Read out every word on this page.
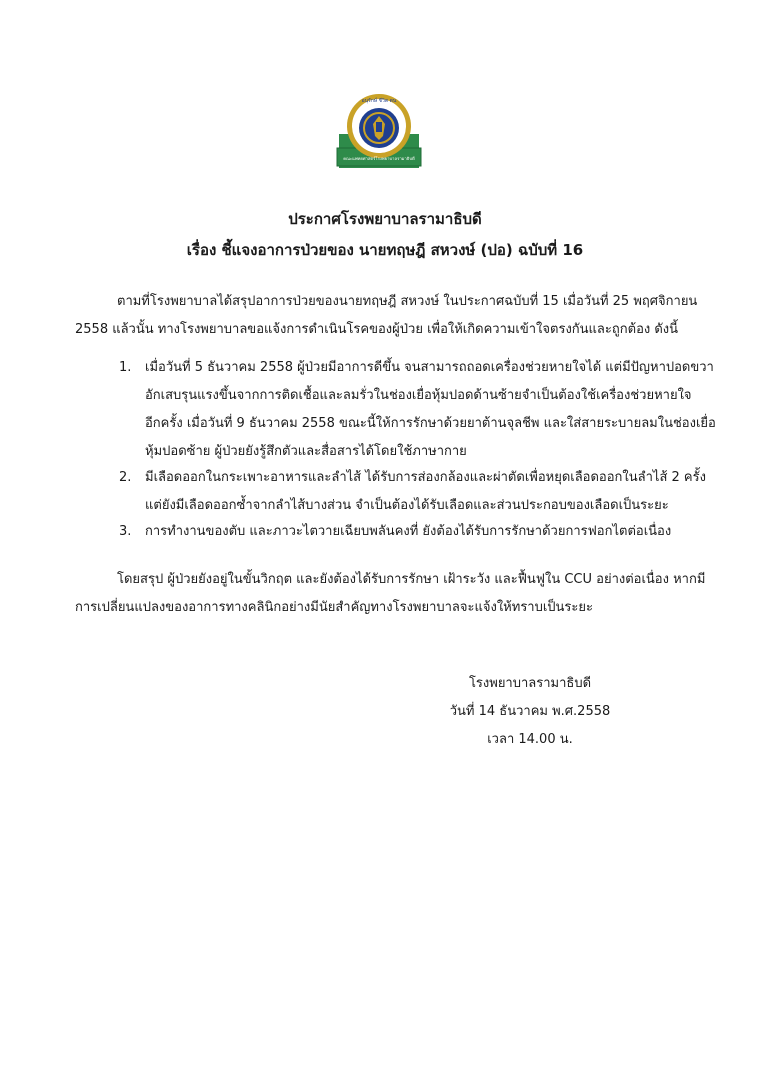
อนุรักษ์ ชีวิต ตน
คณะแพทยศาสตร์โรงพยาบาลรามาธิบดี
ประกาศโรงพยาบาลรามาธิบดี
เรื่อง ชี้แจงอาการป่วยของ นายทฤษฎี สหวงษ์ (ปอ) ฉบับที่ 16
ตามที่โรงพยาบาลได้สรุปอาการป่วยของนายทฤษฎี สหวงษ์ ในประกาศฉบับที่ 15 เมื่อวันที่ 25 พฤศจิกายน
2558 แล้วนั้น ทางโรงพยาบาลขอแจ้งการดำเนินโรคของผู้ป่วย เพื่อให้เกิดความเข้าใจตรงกันและถูกต้อง ดังนี้
1. เมื่อวันที่ 5 ธันวาคม 2558 ผู้ป่วยมีอาการดีขึ้น จนสามารถถอดเครื่องช่วยหายใจได้ แต่มีปัญหาปอดขวา
อักเสบรุนแรงขึ้นจากการติดเชื้อและลมรั่วในช่องเยื่อหุ้มปอดด้านซ้ายจำเป็นต้องใช้เครื่องช่วยหายใจ
อีกครั้ง เมื่อวันที่ 9 ธันวาคม 2558 ขณะนี้ให้การรักษาด้วยยาต้านจุลชีพ และใส่สายระบายลมในช่องเยื่อ
หุ้มปอดซ้าย ผู้ป่วยยังรู้สึกตัวและสื่อสารได้โดยใช้ภาษากาย
2. มีเลือดออกในกระเพาะอาหารและลำไส้ ได้รับการส่องกล้องและผ่าตัดเพื่อหยุดเลือดออกในลำไส้ 2 ครั้ง
แต่ยังมีเลือดออกซ้ำจากลำไส้บางส่วน จำเป็นต้องได้รับเลือดและส่วนประกอบของเลือดเป็นระยะ
3. การทำงานของตับ และภาวะไตวายเฉียบพลันคงที่ ยังต้องได้รับการรักษาด้วยการฟอกไตต่อเนื่อง
โดยสรุป ผู้ป่วยยังอยู่ในขั้นวิกฤต และยังต้องได้รับการรักษา เฝ้าระวัง และฟื้นฟูใน CCU อย่างต่อเนื่อง หากมี
การเปลี่ยนแปลงของอาการทางคลินิกอย่างมีนัยสำคัญทางโรงพยาบาลจะแจ้งให้ทราบเป็นระยะ
โรงพยาบาลรามาธิบดี
วันที่ 14 ธันวาคม พ.ศ.2558
เวลา 14.00 น.
